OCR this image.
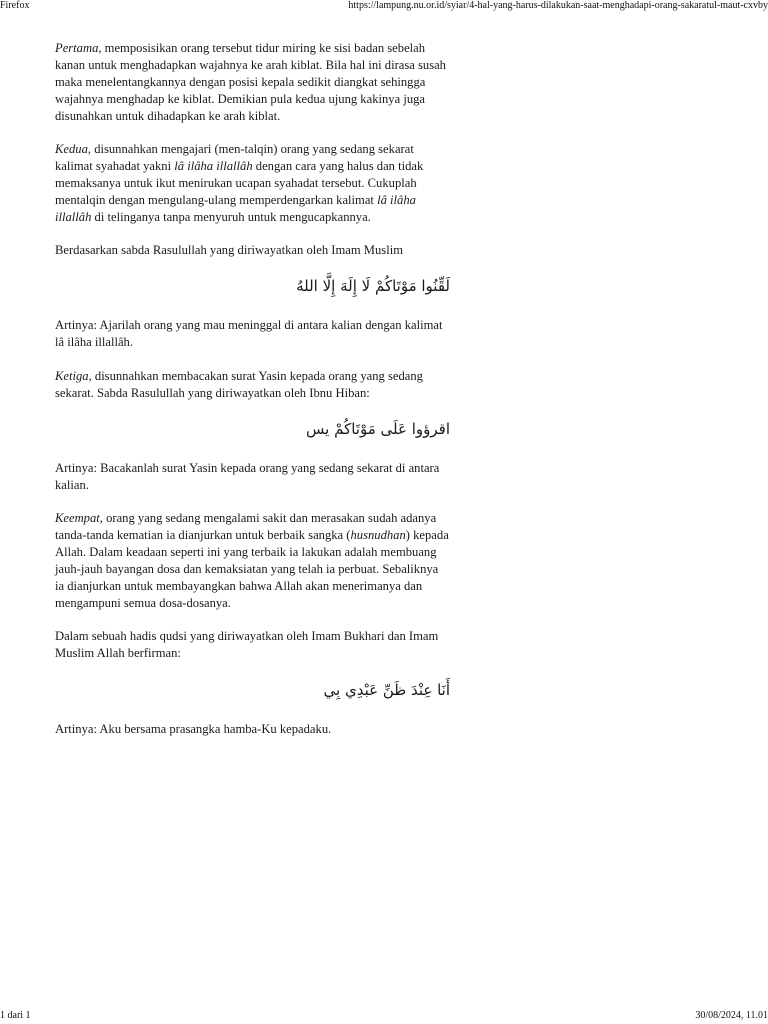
Firefox	https://lampung.nu.or.id/syiar/4-hal-yang-harus-dilakukan-saat-menghadapi-orang-sakaratul-maut-cxvby

Pertama, memposisikan orang tersebut tidur miring ke sisi badan sebelah kanan untuk menghadapkan wajahnya ke arah kiblat. Bila hal ini dirasa susah maka menelentangkannya dengan posisi kepala sedikit diangkat sehingga wajahnya menghadap ke kiblat. Demikian pula kedua ujung kakinya juga disunahkan untuk dihadapkan ke arah kiblat.

Kedua, disunnahkan mengajari (men-talqin) orang yang sedang sekarat kalimat syahadat yakni lâ ilâha illallâh dengan cara yang halus dan tidak memaksanya untuk ikut menirukan ucapan syahadat tersebut. Cukuplah mentalqin dengan mengulang-ulang memperdengarkan kalimat lâ ilâha illallâh di telinganya tanpa menyuruh untuk mengucapkannya.

Berdasarkan sabda Rasulullah yang diriwayatkan oleh Imam Muslim

لَقِّنُوا مَوْتَاكُمْ لَا إِلَهَ إِلَّا اللهُ

Artinya: Ajarilah orang yang mau meninggal di antara kalian dengan kalimat lâ ilâha illallâh.

Ketiga, disunnahkan membacakan surat Yasin kepada orang yang sedang sekarat. Sabda Rasulullah yang diriwayatkan oleh Ibnu Hiban:

اقرؤوا عَلَى مَوْتَاكُمْ يس

Artinya: Bacakanlah surat Yasin kepada orang yang sedang sekarat di antara kalian.

Keempat, orang yang sedang mengalami sakit dan merasakan sudah adanya tanda-tanda kematian ia dianjurkan untuk berbaik sangka (husnudhan) kepada Allah. Dalam keadaan seperti ini yang terbaik ia lakukan adalah membuang jauh-jauh bayangan dosa dan kemaksiatan yang telah ia perbuat. Sebaliknya ia dianjurkan untuk membayangkan bahwa Allah akan menerimanya dan mengampuni semua dosa-dosanya.

Dalam sebuah hadis qudsi yang diriwayatkan oleh Imam Bukhari dan Imam Muslim Allah berfirman:

أَنَا عِنْدَ ظَنِّ عَبْدِي بِي

Artinya: Aku bersama prasangka hamba-Ku kepadaku.

1 dari 1	30/08/2024, 11.01
